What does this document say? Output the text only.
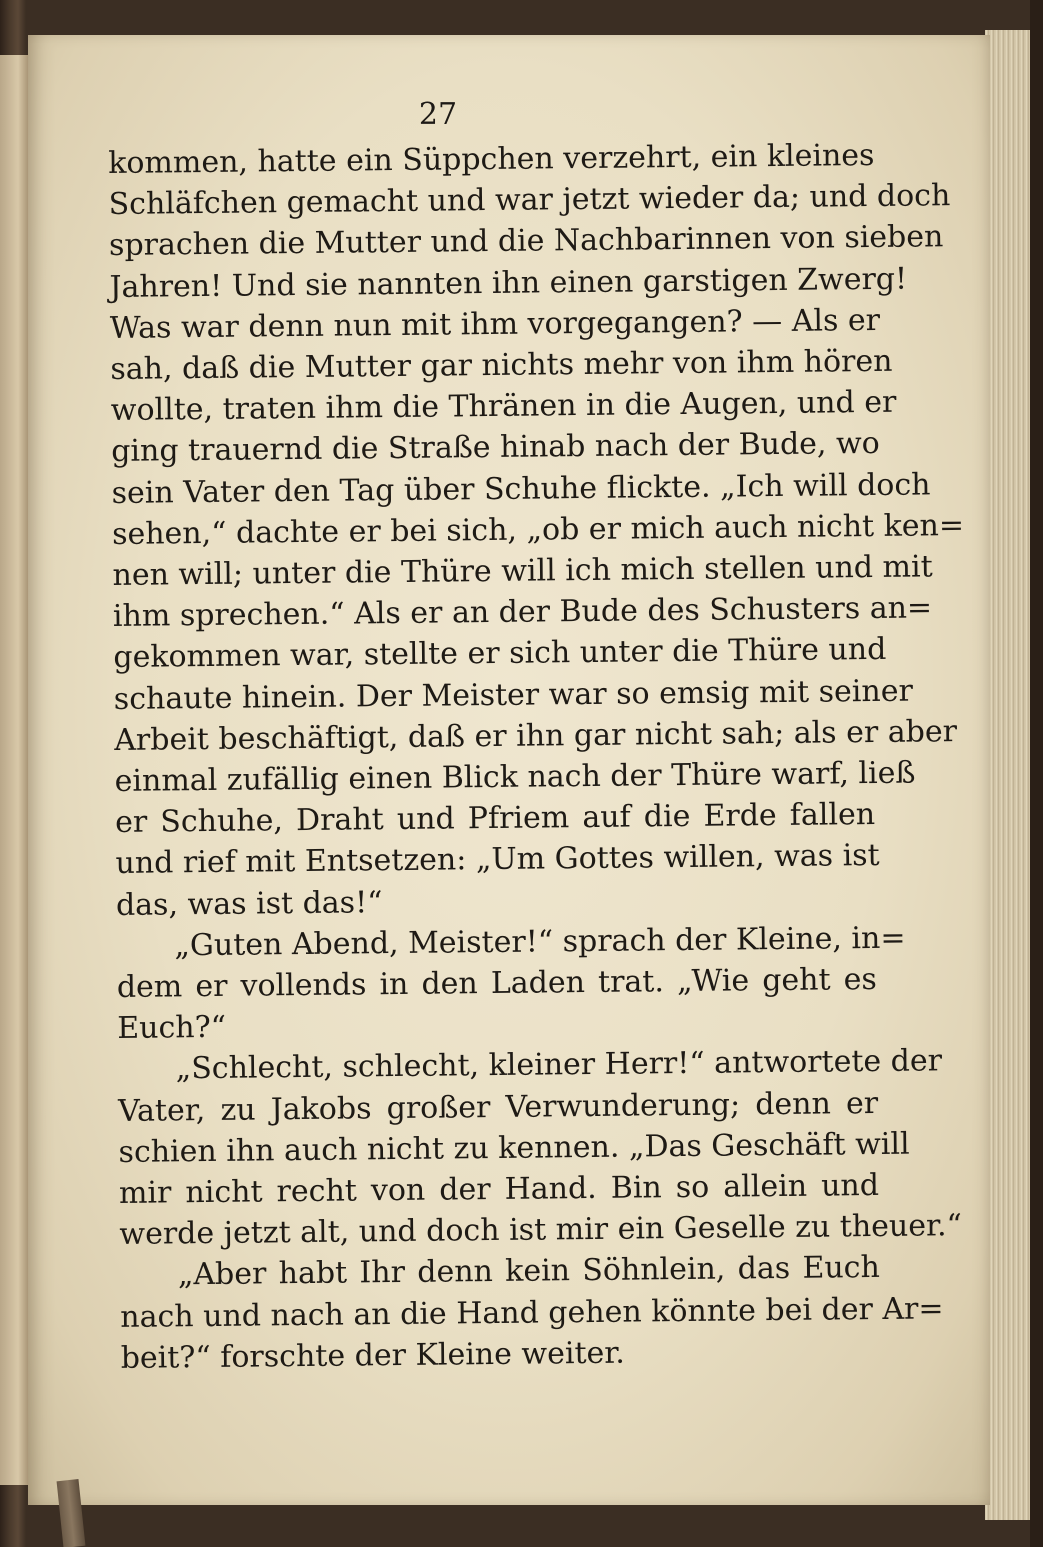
27
kommen, hatte ein Süppchen verzehrt, ein kleines
Schläfchen gemacht und war jetzt wieder da; und doch
sprachen die Mutter und die Nachbarinnen von sieben
Jahren! Und sie nannten ihn einen garstigen Zwerg!
Was war denn nun mit ihm vorgegangen? — Als er
sah, daß die Mutter gar nichts mehr von ihm hören
wollte, traten ihm die Thränen in die Augen, und er
ging trauernd die Straße hinab nach der Bude, wo
sein Vater den Tag über Schuhe flickte. „Ich will doch
sehen,“ dachte er bei sich, „ob er mich auch nicht ken=
nen will; unter die Thüre will ich mich stellen und mit
ihm sprechen.“ Als er an der Bude des Schusters an=
gekommen war, stellte er sich unter die Thüre und
schaute hinein. Der Meister war so emsig mit seiner
Arbeit beschäftigt, daß er ihn gar nicht sah; als er aber
einmal zufällig einen Blick nach der Thüre warf, ließ
er Schuhe, Draht und Pfriem auf die Erde fallen
und rief mit Entsetzen: „Um Gottes willen, was ist
das, was ist das!“
„Guten Abend, Meister!“ sprach der Kleine, in=
dem er vollends in den Laden trat. „Wie geht es
Euch?“
„Schlecht, schlecht, kleiner Herr!“ antwortete der
Vater, zu Jakobs großer Verwunderung; denn er
schien ihn auch nicht zu kennen. „Das Geschäft will
mir nicht recht von der Hand. Bin so allein und
werde jetzt alt, und doch ist mir ein Geselle zu theuer.“
„Aber habt Ihr denn kein Söhnlein, das Euch
nach und nach an die Hand gehen könnte bei der Ar=
beit?“ forschte der Kleine weiter.
